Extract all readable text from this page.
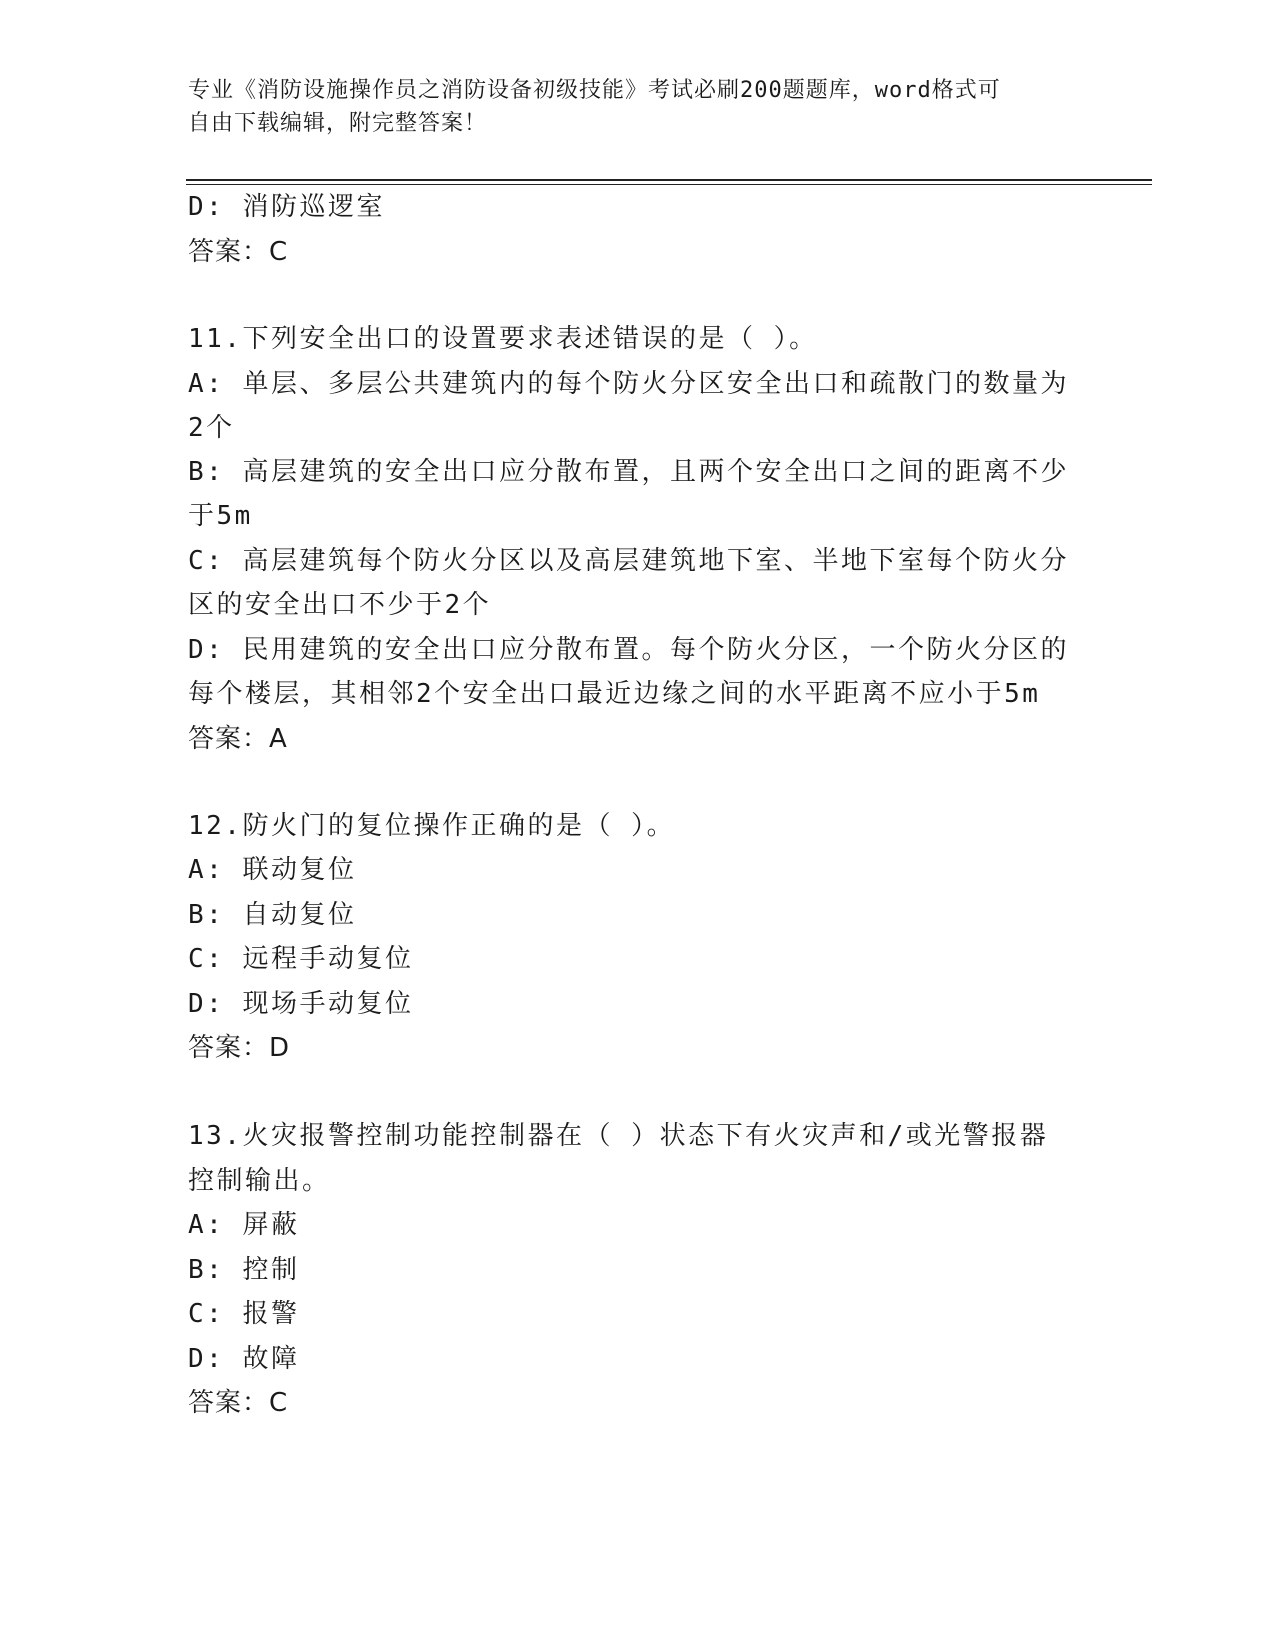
专业《消防设施操作员之消防设备初级技能》考试必刷200题题库，word格式可
自由下载编辑，附完整答案！
D: 消防巡逻室
答案：C
11.下列安全出口的设置要求表述错误的是（ ）。
A: 单层、多层公共建筑内的每个防火分区安全出口和疏散门的数量为
2个
B: 高层建筑的安全出口应分散布置，且两个安全出口之间的距离不少
于5m
C: 高层建筑每个防火分区以及高层建筑地下室、半地下室每个防火分
区的安全出口不少于2个
D: 民用建筑的安全出口应分散布置。每个防火分区，一个防火分区的
每个楼层，其相邻2个安全出口最近边缘之间的水平距离不应小于5m
答案：A
12.防火门的复位操作正确的是（ ）。
A: 联动复位
B: 自动复位
C: 远程手动复位
D: 现场手动复位
答案：D
13.火灾报警控制功能控制器在（ ）状态下有火灾声和/或光警报器
控制输出。
A: 屏蔽
B: 控制
C: 报警
D: 故障
答案：C
